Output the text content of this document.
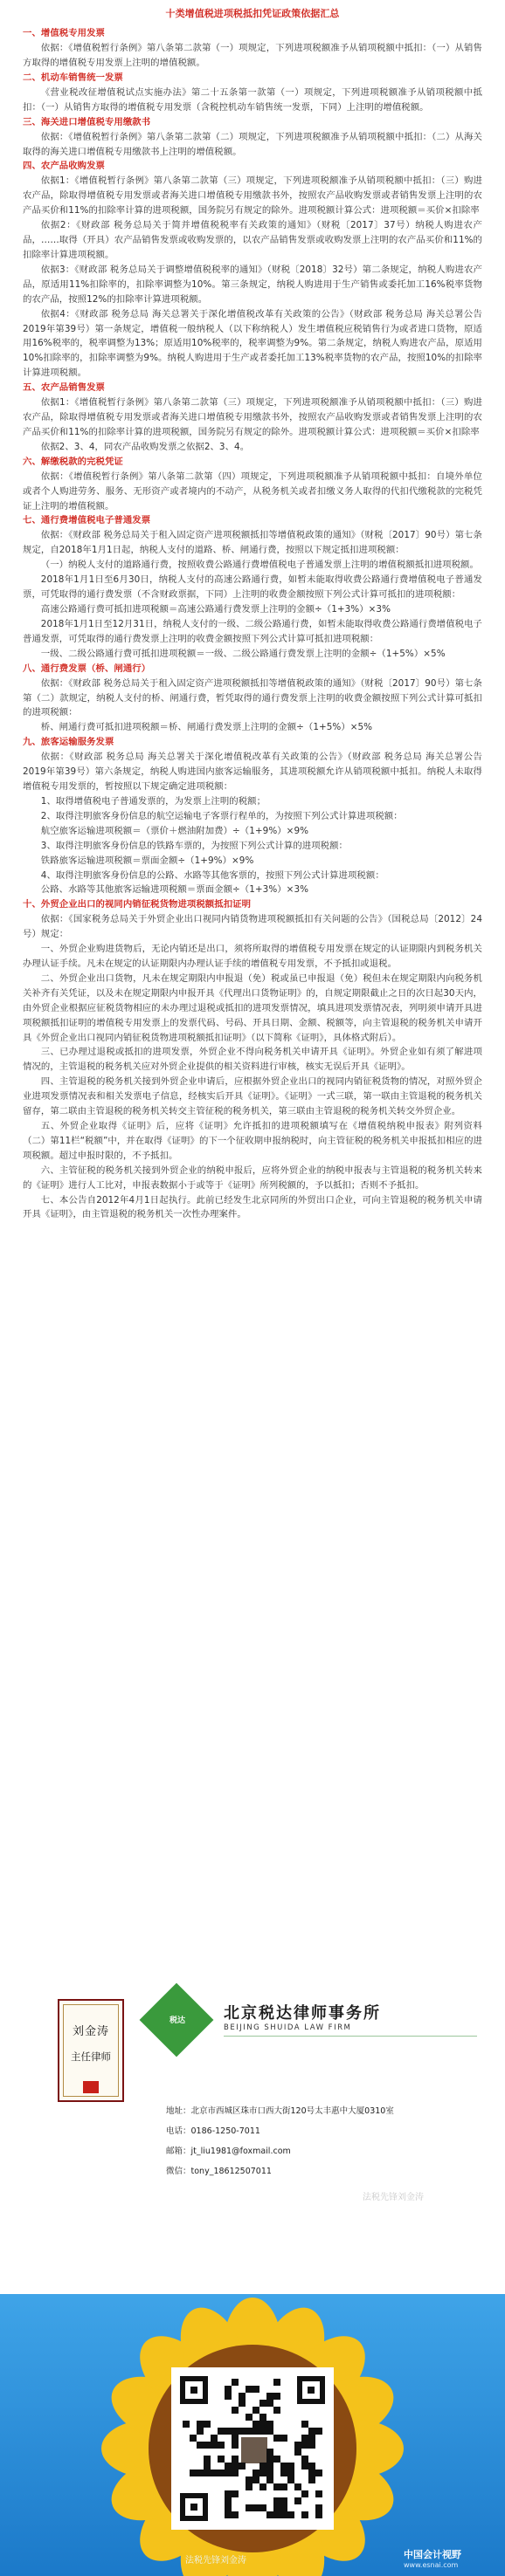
十类增值税进项税抵扣凭证政策依据汇总
一、增值税专用发票
依据：《增值税暂行条例》第八条第二款第（一）项规定，下列进项税额准予从销项税额中抵扣：（一）从销售方取得的增值税专用发票上注明的增值税额。
二、机动车销售统一发票
《营业税改征增值税试点实施办法》第二十五条第一款第（一）项规定，下列进项税额准予从销项税额中抵扣：（一）从销售方取得的增值税专用发票（含税控机动车销售统一发票，下同）上注明的增值税额。
三、海关进口增值税专用缴款书
依据：《增值税暂行条例》第八条第二款第（二）项规定，下列进项税额准予从销项税额中抵扣：（二）从海关取得的海关进口增值税专用缴款书上注明的增值税额。
四、农产品收购发票
依据1：《增值税暂行条例》第八条第二款第（三）项规定，下列进项税额准予从销项税额中抵扣：（三）购进农产品，除取得增值税专用发票或者海关进口增值税专用缴款书外，按照农产品收购发票或者销售发票上注明的农产品买价和11%的扣除率计算的进项税额，国务院另有规定的除外。进项税额计算公式：进项税额＝买价×扣除率
依据2：《财政部 税务总局关于简并增值税税率有关政策的通知》（财税〔2017〕37号）纳税人购进农产品，……取得（开具）农产品销售发票或收购发票的，以农产品销售发票或收购发票上注明的农产品买价和11%的扣除率计算进项税额。
依据3：《财政部 税务总局关于调整增值税税率的通知》（财税〔2018〕32号）第二条规定，纳税人购进农产品，原适用11%扣除率的，扣除率调整为10%。第三条规定，纳税人购进用于生产销售或委托加工16%税率货物的农产品，按照12%的扣除率计算进项税额。
依据4：《财政部 税务总局 海关总署关于深化增值税改革有关政策的公告》（财政部 税务总局 海关总署公告2019年第39号）第一条规定，增值税一般纳税人（以下称纳税人）发生增值税应税销售行为或者进口货物，原适用16%税率的，税率调整为13%；原适用10%税率的，税率调整为9%。第二条规定，纳税人购进农产品，原适用10%扣除率的，扣除率调整为9%。纳税人购进用于生产或者委托加工13%税率货物的农产品，按照10%的扣除率计算进项税额。
五、农产品销售发票
依据1：《增值税暂行条例》第八条第二款第（三）项规定，下列进项税额准予从销项税额中抵扣：（三）购进农产品，除取得增值税专用发票或者海关进口增值税专用缴款书外，按照农产品收购发票或者销售发票上注明的农产品买价和11%的扣除率计算的进项税额，国务院另有规定的除外。进项税额计算公式：进项税额＝买价×扣除率
依据2、3、4，同农产品收购发票之依据2、3、4。
六、解缴税款的完税凭证
依据：《增值税暂行条例》第八条第二款第（四）项规定，下列进项税额准予从销项税额中抵扣：自境外单位或者个人购进劳务、服务、无形资产或者境内的不动产，从税务机关或者扣缴义务人取得的代扣代缴税款的完税凭证上注明的增值税额。
七、通行费增值税电子普通发票
依据：《财政部 税务总局关于租入固定资产进项税额抵扣等增值税政策的通知》（财税〔2017〕90号）第七条规定，自2018年1月1日起，纳税人支付的道路、桥、闸通行费，按照以下规定抵扣进项税额：
（一）纳税人支付的道路通行费，按照收费公路通行费增值税电子普通发票上注明的增值税额抵扣进项税额。
2018年1月1日至6月30日，纳税人支付的高速公路通行费，如暂未能取得收费公路通行费增值税电子普通发票，可凭取得的通行费发票（不含财政票据，下同）上注明的收费金额按照下列公式计算可抵扣的进项税额：
高速公路通行费可抵扣进项税额＝高速公路通行费发票上注明的金额÷（1+3%）×3%
2018年1月1日至12月31日，纳税人支付的一级、二级公路通行费，如暂未能取得收费公路通行费增值税电子普通发票，可凭取得的通行费发票上注明的收费金额按照下列公式计算可抵扣进项税额：
一级、二级公路通行费可抵扣进项税额＝一级、二级公路通行费发票上注明的金额÷（1+5%）×5%
八、通行费发票（桥、闸通行）
依据：《财政部 税务总局关于租入固定资产进项税额抵扣等增值税政策的通知》（财税〔2017〕90号）第七条第（二）款规定，纳税人支付的桥、闸通行费，暂凭取得的通行费发票上注明的收费金额按照下列公式计算可抵扣的进项税额：
桥、闸通行费可抵扣进项税额＝桥、闸通行费发票上注明的金额÷（1+5%）×5%
九、旅客运输服务发票
依据：《财政部 税务总局 海关总署关于深化增值税改革有关政策的公告》（财政部 税务总局 海关总署公告2019年第39号）第六条规定，纳税人购进国内旅客运输服务，其进项税额允许从销项税额中抵扣。纳税人未取得增值税专用发票的，暂按照以下规定确定进项税额：
1、取得增值税电子普通发票的，为发票上注明的税额；
2、取得注明旅客身份信息的航空运输电子客票行程单的，为按照下列公式计算进项税额：
航空旅客运输进项税额＝（票价＋燃油附加费）÷（1+9%）×9%
3、取得注明旅客身份信息的铁路车票的，为按照下列公式计算的进项税额：
铁路旅客运输进项税额＝票面金额÷（1+9%）×9%
4、取得注明旅客身份信息的公路、水路等其他客票的，按照下列公式计算进项税额：
公路、水路等其他旅客运输进项税额＝票面金额÷（1+3%）×3%
十、外贸企业出口的视同内销征税货物进项税额抵扣证明
依据：《国家税务总局关于外贸企业出口视同内销货物进项税额抵扣有关问题的公告》（国税总局〔2012〕24号）规定：
一、外贸企业购进货物后，无论内销还是出口，须将所取得的增值税专用发票在规定的认证期限内到税务机关办理认证手续。凡未在规定的认证期限内办理认证手续的增值税专用发票，不予抵扣或退税。
二、外贸企业出口货物，凡未在规定期限内申报退（免）税或虽已申报退（免）税但未在规定期限内向税务机关补齐有关凭证，以及未在规定期限内申报开具《代理出口货物证明》的，自规定期限截止之日的次日起30天内，由外贸企业根据应征税货物相应的未办理过退税或抵扣的进项发票情况，填具进项发票情况表，列明须申请开具进项税额抵扣证明的增值税专用发票上的发票代码、号码、开具日期、金额、税额等，向主管退税的税务机关申请开具《外贸企业出口视同内销征税货物进项税额抵扣证明》（以下简称《证明》，具体格式附后）。
三、已办理过退税或抵扣的进项发票，外贸企业不得向税务机关申请开具《证明》。外贸企业如有须了解进项情况的，主管退税的税务机关应对外贸企业提供的相关资料进行审核，核实无误后开具《证明》。
四、主管退税的税务机关接到外贸企业申请后，应根据外贸企业出口的视同内销征税货物的情况，对照外贸企业进项发票情况表和相关发票电子信息，经核实后开具《证明》。《证明》一式三联，第一联由主管退税的税务机关留存，第二联由主管退税的税务机关转交主管征税的税务机关，第三联由主管退税的税务机关转交外贸企业。
五、外贸企业取得《证明》后，应将《证明》允许抵扣的进项税额填写在《增值税纳税申报表》附列资料（二）第11栏“税额”中，并在取得《证明》的下一个征收期申报纳税时，向主管征税的税务机关申报抵扣相应的进项税额。超过申报时限的，不予抵扣。
六、主管征税的税务机关接到外贸企业的纳税申报后，应将外贸企业的纳税申报表与主管退税的税务机关转来的《证明》进行人工比对，申报表数据小于或等于《证明》所列税额的，予以抵扣；否则不予抵扣。
七、本公告自2012年4月1日起执行。此前已经发生北京同所的外贸出口企业，可向主管退税的税务机关申请开具《证明》，由主管退税的税务机关一次性办理案件。
刘金涛
主任律师
税达	北京税达律师事务所
BEIJING SHUIDA LAW FIRM
地址：北京市西城区珠市口西大街120号太丰惠中大厦0310室
电话：0186-1250-7011
邮箱：jt_liu1981@foxmail.com
微信：tony_18612507011
法税先锋刘金涛
法税先锋刘金涛
中国会计视野
www.esnai.com
